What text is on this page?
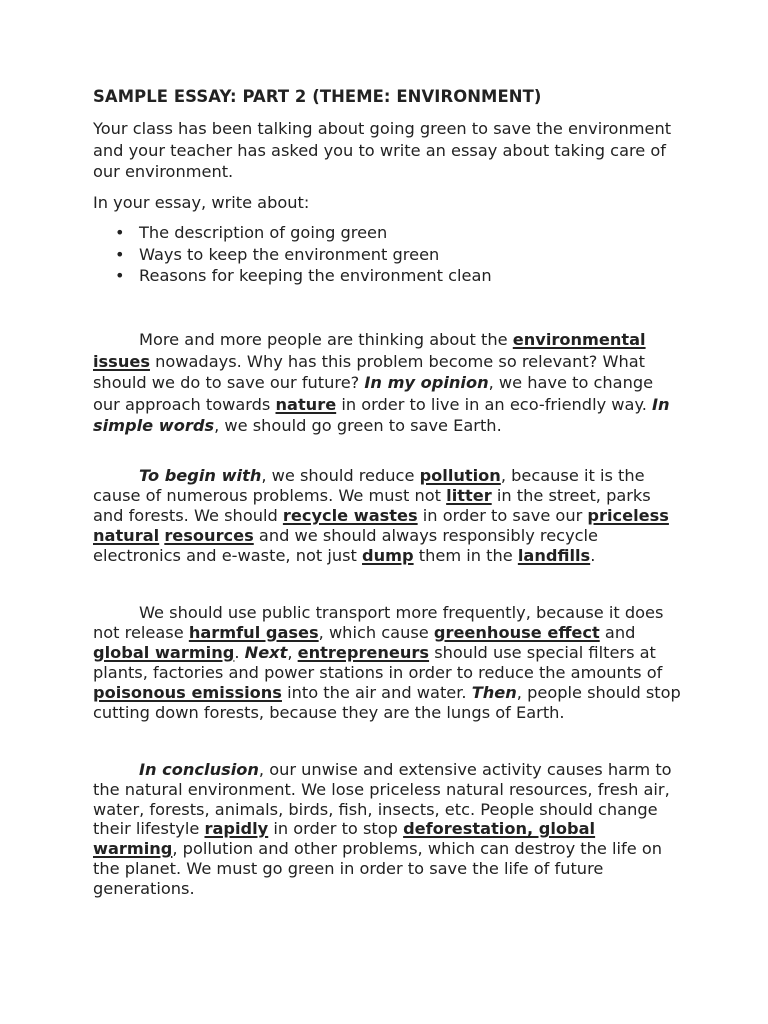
SAMPLE ESSAY: PART 2 (THEME: ENVIRONMENT)
Your class has been talking about going green to save the environment and your teacher has asked you to write an essay about taking care of our environment.
In your essay, write about:
• The description of going green
• Ways to keep the environment green
• Reasons for keeping the environment clean
More and more people are thinking about the environmental issues nowadays. Why has this problem become so relevant? What should we do to save our future? In my opinion, we have to change our approach towards nature in order to live in an eco-friendly way. In simple words, we should go green to save Earth.
To begin with, we should reduce pollution, because it is the cause of numerous problems. We must not litter in the street, parks and forests. We should recycle wastes in order to save our priceless natural resources and we should always responsibly recycle electronics and e-waste, not just dump them in the landfills.
We should use public transport more frequently, because it does not release harmful gases, which cause greenhouse effect and global warming. Next, entrepreneurs should use special filters at plants, factories and power stations in order to reduce the amounts of poisonous emissions into the air and water. Then, people should stop cutting down forests, because they are the lungs of Earth.
In conclusion, our unwise and extensive activity causes harm to the natural environment. We lose priceless natural resources, fresh air, water, forests, animals, birds, fish, insects, etc. People should change their lifestyle rapidly in order to stop deforestation, global warming, pollution and other problems, which can destroy the life on the planet. We must go green in order to save the life of future generations.
